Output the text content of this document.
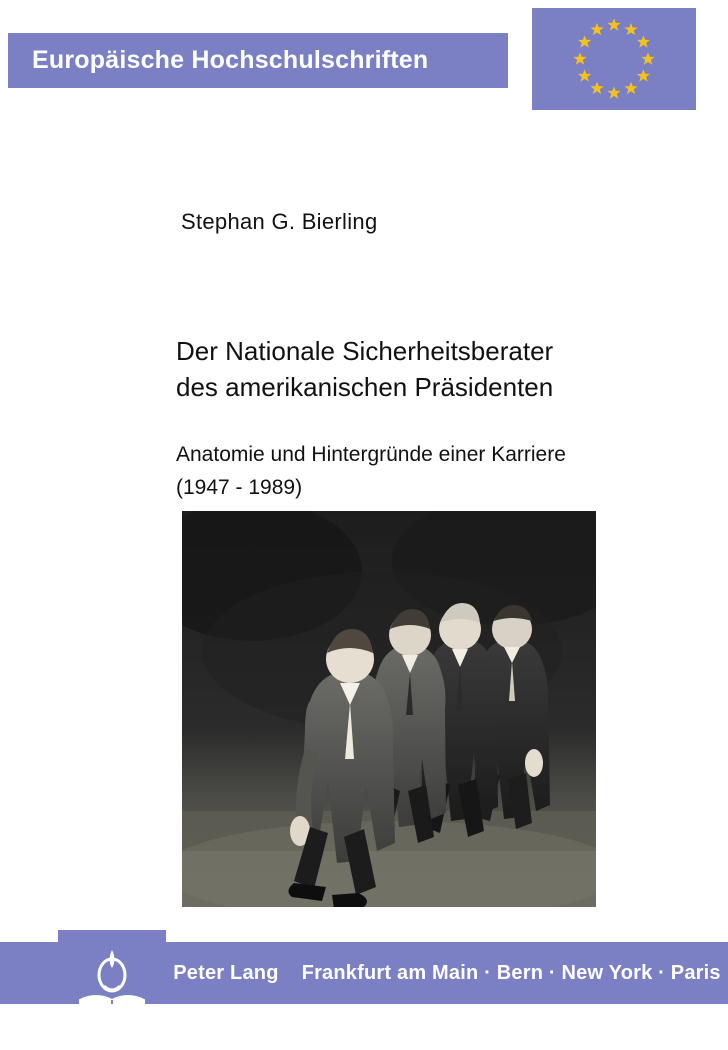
Europäische Hochschulschriften
Stephan G. Bierling
Der Nationale Sicherheitsberater
des amerikanischen Präsidenten
Anatomie und Hintergründe einer Karriere
(1947 - 1989)
Peter Lang Frankfurt am Main · Bern · New York · Paris
